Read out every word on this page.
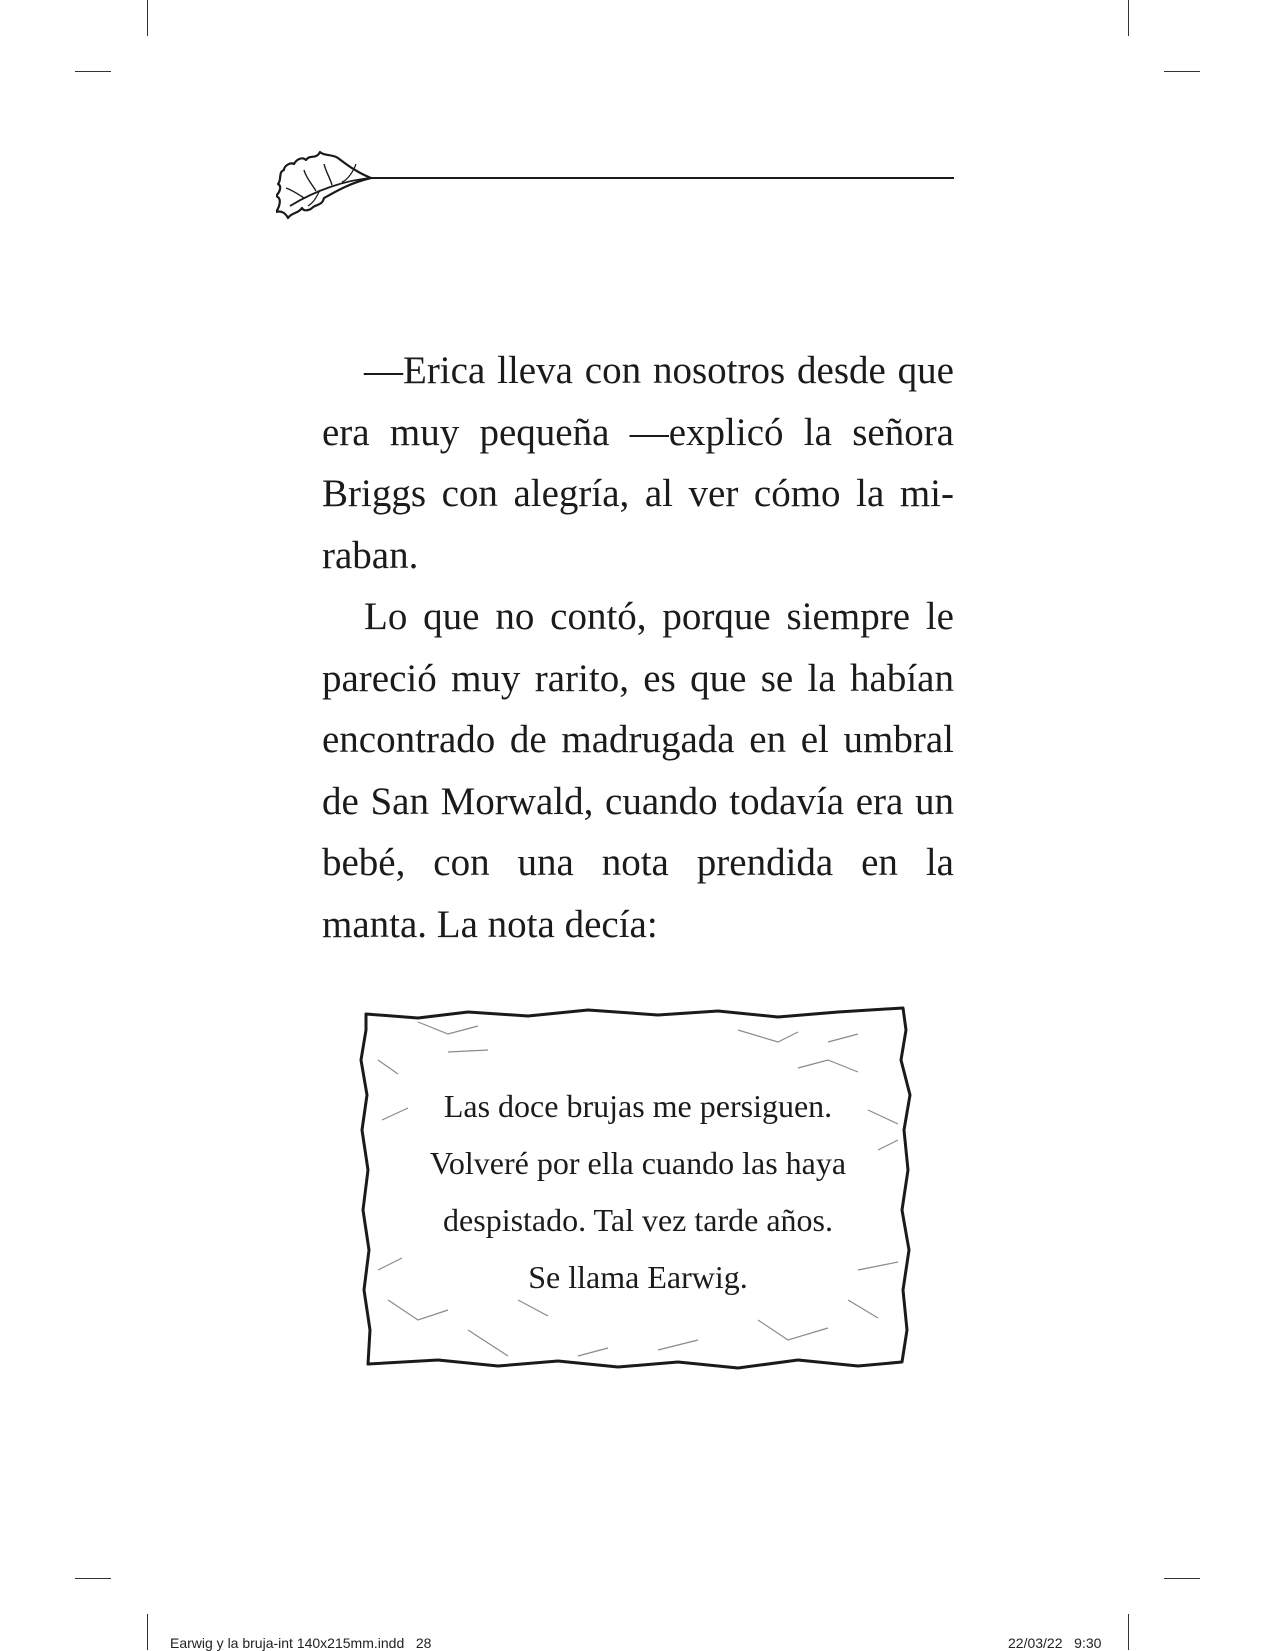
—Erica lleva con nosotros desde que era muy pequeña —explicó la señora Briggs con alegría, al ver cómo la miraban.

Lo que no contó, porque siempre le pareció muy rarito, es que se la habían encontrado de madrugada en el umbral de San Morwald, cuando todavía era un bebé, con una nota prendida en la manta. La nota decía:

Las doce brujas me persiguen.
Volveré por ella cuando las haya
despistado. Tal vez tarde años.
Se llama Earwig.
Earwig y la bruja-int 140x215mm.indd   28	22/03/22   9:30
